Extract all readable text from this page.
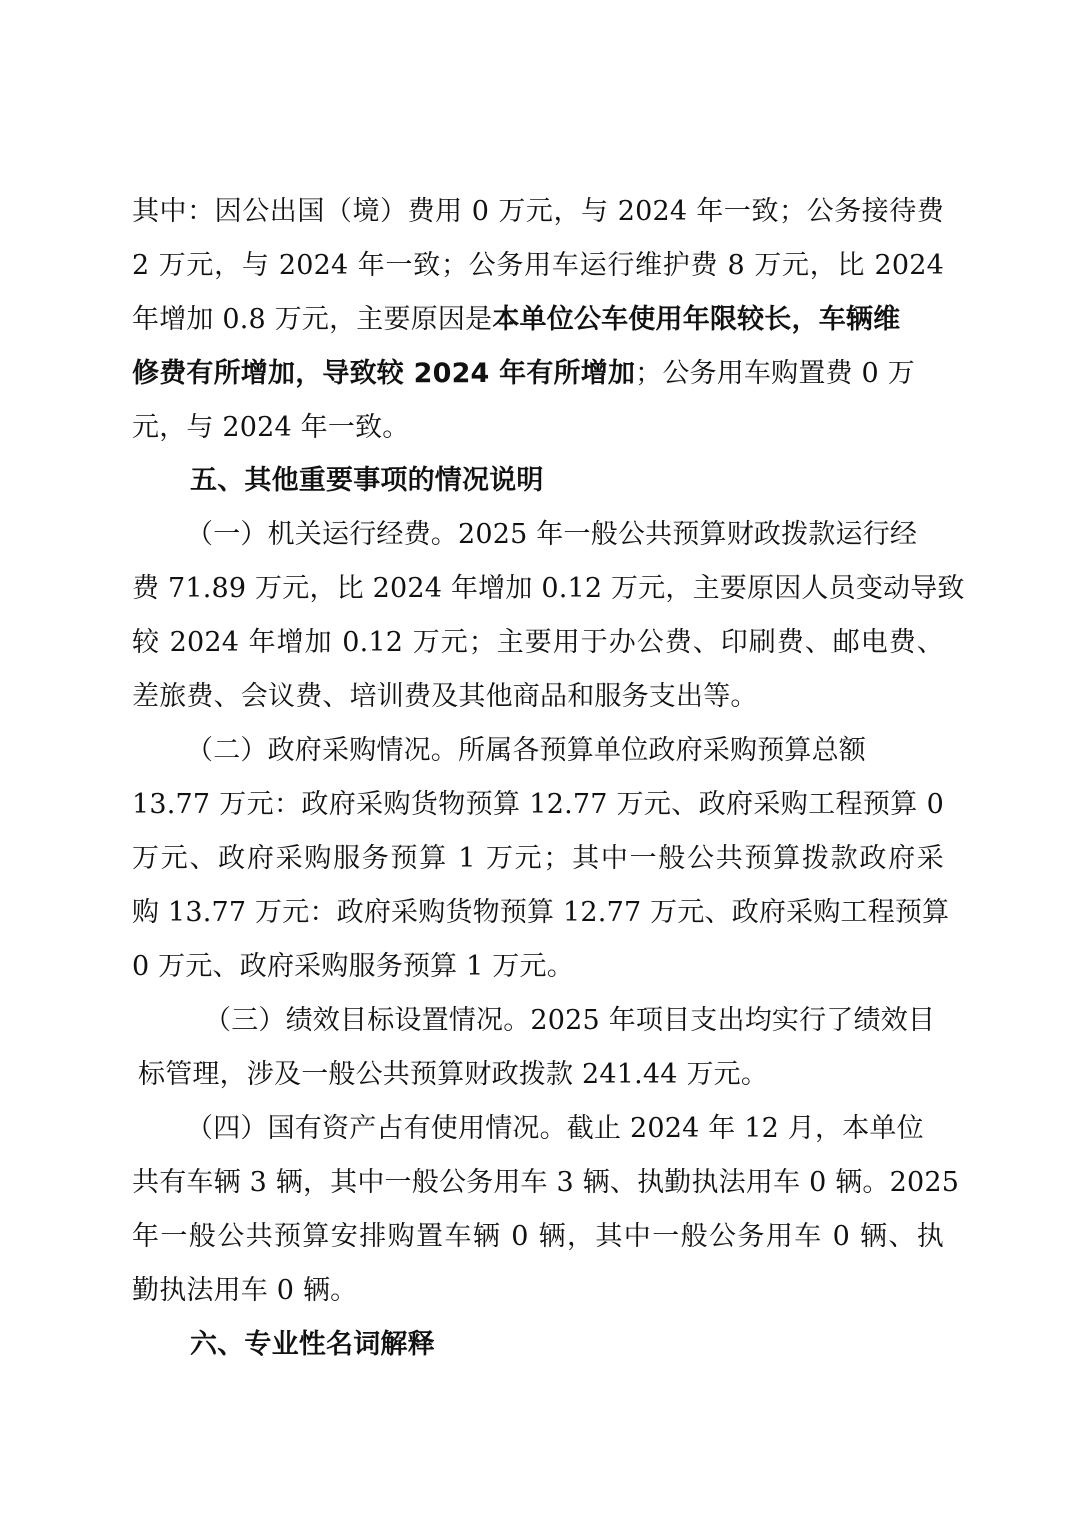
其中：因公出国（境）费用 0 万元，与 2024 年一致；公务接待费
2 万元，与 2024 年一致；公务用车运行维护费 8 万元，比 2024
年增加 0.8 万元，主要原因是本单位公车使用年限较长，车辆维
修费有所增加，导致较 2024 年有所增加；公务用车购置费 0 万
元，与 2024 年一致。
五、其他重要事项的情况说明
（一）机关运行经费。2025 年一般公共预算财政拨款运行经
费 71.89 万元，比 2024 年增加 0.12 万元，主要原因人员变动导致
较 2024 年增加 0.12 万元；主要用于办公费、印刷费、邮电费、
差旅费、会议费、培训费及其他商品和服务支出等。
（二）政府采购情况。所属各预算单位政府采购预算总额
13.77 万元：政府采购货物预算 12.77 万元、政府采购工程预算 0
万元、政府采购服务预算 1 万元；其中一般公共预算拨款政府采
购 13.77 万元：政府采购货物预算 12.77 万元、政府采购工程预算
0 万元、政府采购服务预算 1 万元。
（三）绩效目标设置情况。2025 年项目支出均实行了绩效目
标管理，涉及一般公共预算财政拨款 241.44 万元。
（四）国有资产占有使用情况。截止 2024 年 12 月，本单位
共有车辆 3 辆，其中一般公务用车 3 辆、执勤执法用车 0 辆。2025
年一般公共预算安排购置车辆 0 辆，其中一般公务用车 0 辆、执
勤执法用车 0 辆。
六、专业性名词解释
